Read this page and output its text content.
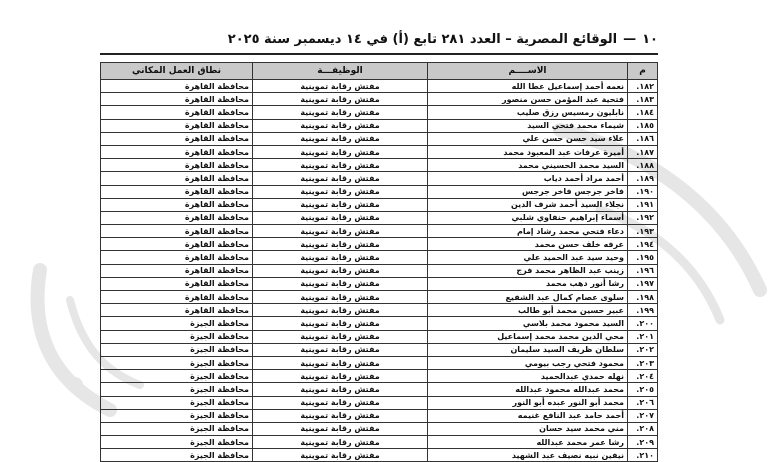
١٠—الوقائع المصرية – العدد ٢٨١ تابع (أ) في ١٤ ديسمبر سنة ٢٠٢٥
م	الاســــم	الوظيفـــة	نطاق العمل المكاني
١٨٢.	نعمه أحمد إسماعيل عطا الله	مفتش رقابة تموينية	محافظة القاهرة
١٨٣.	فتحية عبد المؤمن حسن منصور	مفتش رقابة تموينية	محافظة القاهرة
١٨٤.	نابليون رمسيس رزق صليب	مفتش رقابة تموينية	محافظة القاهرة
١٨٥.	شيماء محمد فتحي السيد	مفتش رقابة تموينية	محافظة القاهرة
١٨٦.	علاء سيد حسن حسن علي	مفتش رقابة تموينية	محافظة القاهرة
١٨٧.	أميرة عرفات عبد المعبود محمد	مفتش رقابة تموينية	محافظة القاهرة
١٨٨.	السيد محمد الحسيني محمد	مفتش رقابة تموينية	محافظة القاهرة
١٨٩.	أحمد مراد أحمد دياب	مفتش رقابة تموينية	محافظة القاهرة
١٩٠.	فاخر جرجس فاخر جرجس	مفتش رقابة تموينية	محافظة القاهرة
١٩١.	نجلاء السيد أحمد شرف الدين	مفتش رقابة تموينية	محافظة القاهرة
١٩٢.	أسماء إبراهيم حنفاوي شلبي	مفتش رقابة تموينية	محافظة القاهرة
١٩٣.	دعاء فتحي محمد رشاد إمام	مفتش رقابة تموينية	محافظة القاهرة
١٩٤.	عرفه خلف حسن محمد	مفتش رقابة تموينية	محافظة القاهرة
١٩٥.	وحيد سيد عبد الحميد علي	مفتش رقابة تموينية	محافظة القاهرة
١٩٦.	زينب عبد الظاهر محمد فرج	مفتش رقابة تموينية	محافظة القاهرة
١٩٧.	رشا أنور دهب محمد	مفتش رقابة تموينية	محافظة القاهرة
١٩٨.	سلوى عصام كمال عبد الشفيع	مفتش رقابة تموينية	محافظة القاهرة
١٩٩.	عبير حسين محمد أبو طالب	مفتش رقابة تموينية	محافظة القاهرة
٢٠٠.	السيد محمود محمد بلاسي	مفتش رقابة تموينية	محافظة الجيزة
٢٠١.	محي الدين محمد محمد إسماعيل	مفتش رقابة تموينية	محافظة الجيزة
٢٠٢.	سلطان ظريف السيد سليمان	مفتش رقابة تموينية	محافظة الجيزة
٢٠٣.	محمود فتحي رجب بيومي	مفتش رقابة تموينية	محافظة الجيزة
٢٠٤.	نهله حمدي عبدالحميد	مفتش رقابة تموينية	محافظة الجيزة
٢٠٥.	محمد عبدالله محمود عبدالله	مفتش رقابة تموينية	محافظة الجيزة
٢٠٦.	محمد أبو النور عبده أبو النور	مفتش رقابة تموينية	محافظة الجيزة
٢٠٧.	أحمد حامد عبد النافع غنيمه	مفتش رقابة تموينية	محافظة الجيزة
٢٠٨.	مني محمد سيد حسان	مفتش رقابة تموينية	محافظة الجيزة
٢٠٩.	رشا عمر محمد عبدالله	مفتش رقابة تموينية	محافظة الجيزة
٢١٠.	نيفين نبيه نصيف عبد الشهيد	مفتش رقابة تموينية	محافظة الجيزة
